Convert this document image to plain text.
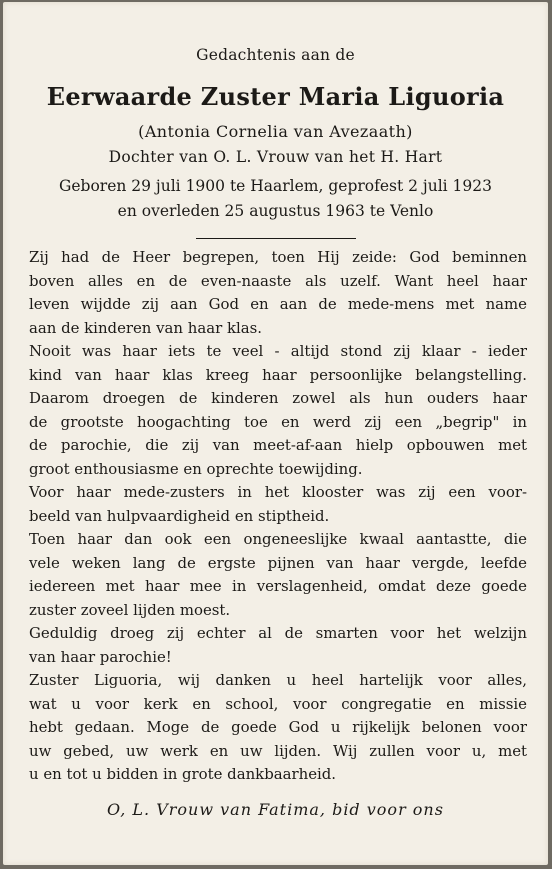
Gedachtenis aan de
Eerwaarde Zuster Maria Liguoria
(Antonia Cornelia van Avezaath)
Dochter van O. L. Vrouw van het H. Hart
Geboren 29 juli 1900 te Haarlem, geprofest 2 juli 1923
en overleden 25 augustus 1963 te Venlo
Zij had de Heer begrepen, toen Hij zeide: God beminnen
boven alles en de even-naaste als uzelf. Want heel haar
leven wijdde zij aan God en aan de mede-mens met name
aan de kinderen van haar klas.
Nooit was haar iets te veel - altijd stond zij klaar - ieder
kind van haar klas kreeg haar persoonlijke belangstelling.
Daarom droegen de kinderen zowel als hun ouders haar
de grootste hoogachting toe en werd zij een „begrip" in
de parochie, die zij van meet-af-aan hielp opbouwen met
groot enthousiasme en oprechte toewijding.
Voor haar mede-zusters in het klooster was zij een voor-
beeld van hulpvaardigheid en stiptheid.
Toen haar dan ook een ongeneeslijke kwaal aantastte, die
vele weken lang de ergste pijnen van haar vergde, leefde
iedereen met haar mee in verslagenheid, omdat deze goede
zuster zoveel lijden moest.
Geduldig droeg zij echter al de smarten voor het welzijn
van haar parochie!
Zuster Liguoria, wij danken u heel hartelijk voor alles,
wat u voor kerk en school, voor congregatie en missie
hebt gedaan. Moge de goede God u rijkelijk belonen voor
uw gebed, uw werk en uw lijden. Wij zullen voor u, met
u en tot u bidden in grote dankbaarheid.
O, L. Vrouw van Fatima, bid voor ons
